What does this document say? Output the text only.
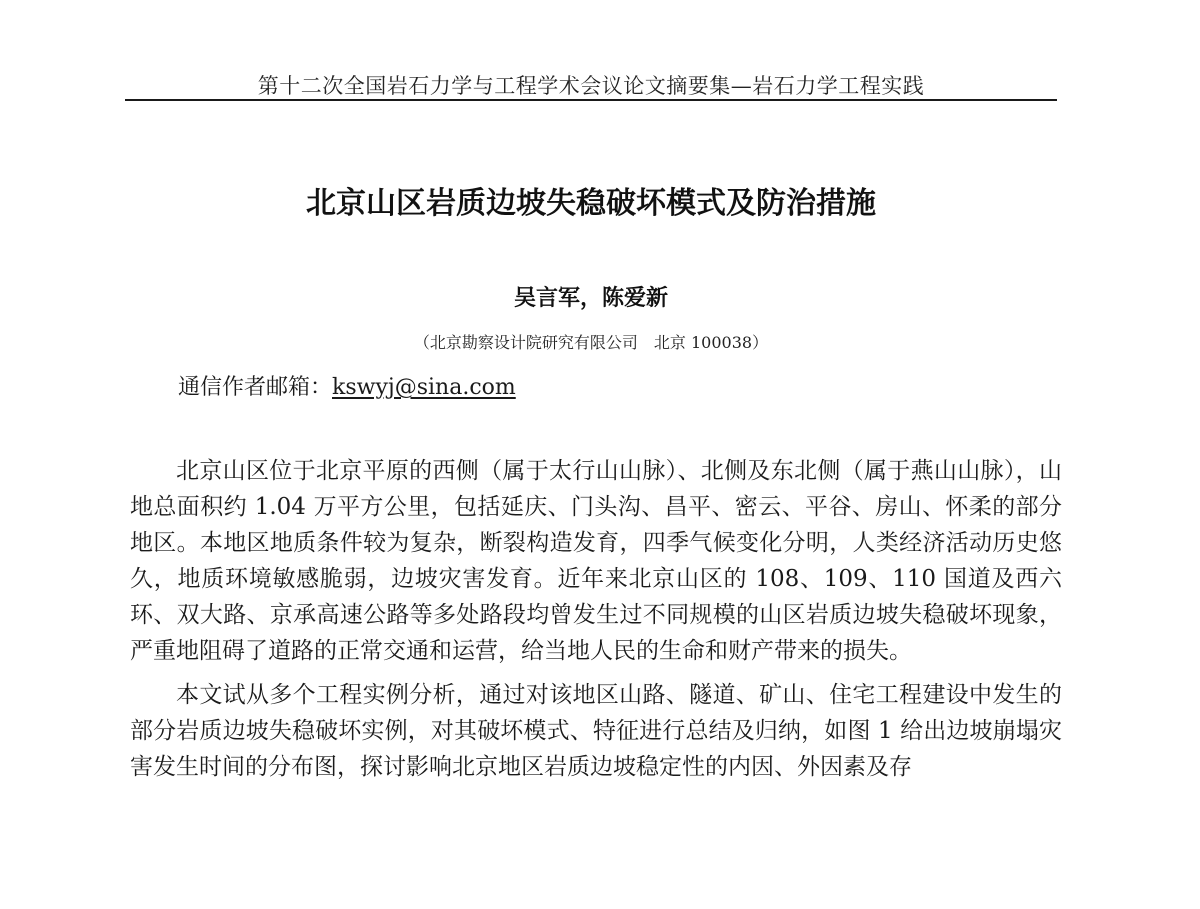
第十二次全国岩石力学与工程学术会议论文摘要集—岩石力学工程实践
北京山区岩质边坡失稳破坏模式及防治措施
吴言军，陈爱新
（北京勘察设计院研究有限公司　北京 100038）
通信作者邮箱：kswyj@sina.com

北京山区位于北京平原的西侧（属于太行山山脉）、北侧及东北侧（属于燕山山脉），山地总面积约 1.04 万平方公里，包括延庆、门头沟、昌平、密云、平谷、房山、怀柔的部分地区。本地区地质条件较为复杂，断裂构造发育，四季气候变化分明，人类经济活动历史悠久，地质环境敏感脆弱，边坡灾害发育。近年来北京山区的 108、109、110 国道及西六环、双大路、京承高速公路等多处路段均曾发生过不同规模的山区岩质边坡失稳破坏现象，严重地阻碍了道路的正常交通和运营，给当地人民的生命和财产带来的损失。

本文试从多个工程实例分析，通过对该地区山路、隧道、矿山、住宅工程建设中发生的部分岩质边坡失稳破坏实例，对其破坏模式、特征进行总结及归纳，如图 1 给出边坡崩塌灾害发生时间的分布图，探讨影响北京地区岩质边坡稳定性的内因、外因素及存
